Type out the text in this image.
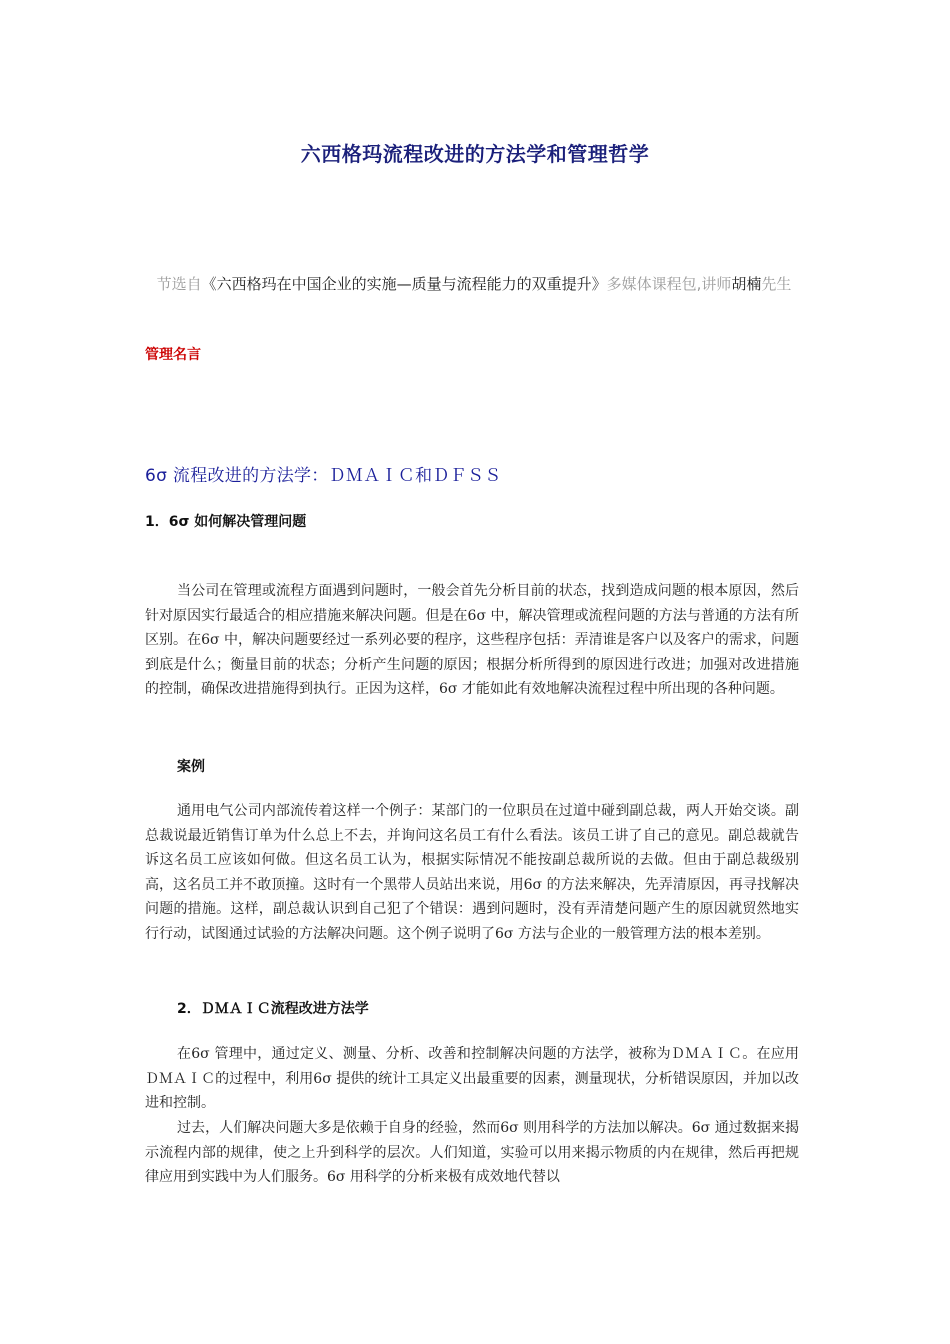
六西格玛流程改进的方法学和管理哲学
节选自《六西格玛在中国企业的实施—质量与流程能力的双重提升》多媒体课程包,讲师胡楠先生
管理名言
6σ 流程改进的方法学：ＤＭＡＩＣ和ＤＦＳＳ
1．6σ 如何解决管理问题

当公司在管理或流程方面遇到问题时，一般会首先分析目前的状态，找到造成问题的根本原因，然后针对原因实行最适合的相应措施来解决问题。但是在6σ 中，解决管理或流程问题的方法与普通的方法有所区别。在6σ 中，解决问题要经过一系列必要的程序，这些程序包括：弄清谁是客户以及客户的需求，问题到底是什么；衡量目前的状态；分析产生问题的原因；根据分析所得到的原因进行改进；加强对改进措施的控制，确保改进措施得到执行。正因为这样，6σ 才能如此有效地解决流程过程中所出现的各种问题。

案例

通用电气公司内部流传着这样一个例子：某部门的一位职员在过道中碰到副总裁，两人开始交谈。副总裁说最近销售订单为什么总上不去，并询问这名员工有什么看法。该员工讲了自己的意见。副总裁就告诉这名员工应该如何做。但这名员工认为，根据实际情况不能按副总裁所说的去做。但由于副总裁级别高，这名员工并不敢顶撞。这时有一个黑带人员站出来说，用6σ 的方法来解决，先弄清原因，再寻找解决问题的措施。这样，副总裁认识到自己犯了个错误：遇到问题时，没有弄清楚问题产生的原因就贸然地实行行动，试图通过试验的方法解决问题。这个例子说明了6σ 方法与企业的一般管理方法的根本差别。

2．ＤＭＡＩＣ流程改进方法学

在6σ 管理中，通过定义、测量、分析、改善和控制解决问题的方法学，被称为ＤＭＡＩＣ。在应用ＤＭＡＩＣ的过程中，利用6σ 提供的统计工具定义出最重要的因素，测量现状，分析错误原因，并加以改进和控制。

过去，人们解决问题大多是依赖于自身的经验，然而6σ 则用科学的方法加以解决。6σ 通过数据来揭示流程内部的规律，使之上升到科学的层次。人们知道，实验可以用来揭示物质的内在规律，然后再把规律应用到实践中为人们服务。6σ 用科学的分析来极有成效地代替以
